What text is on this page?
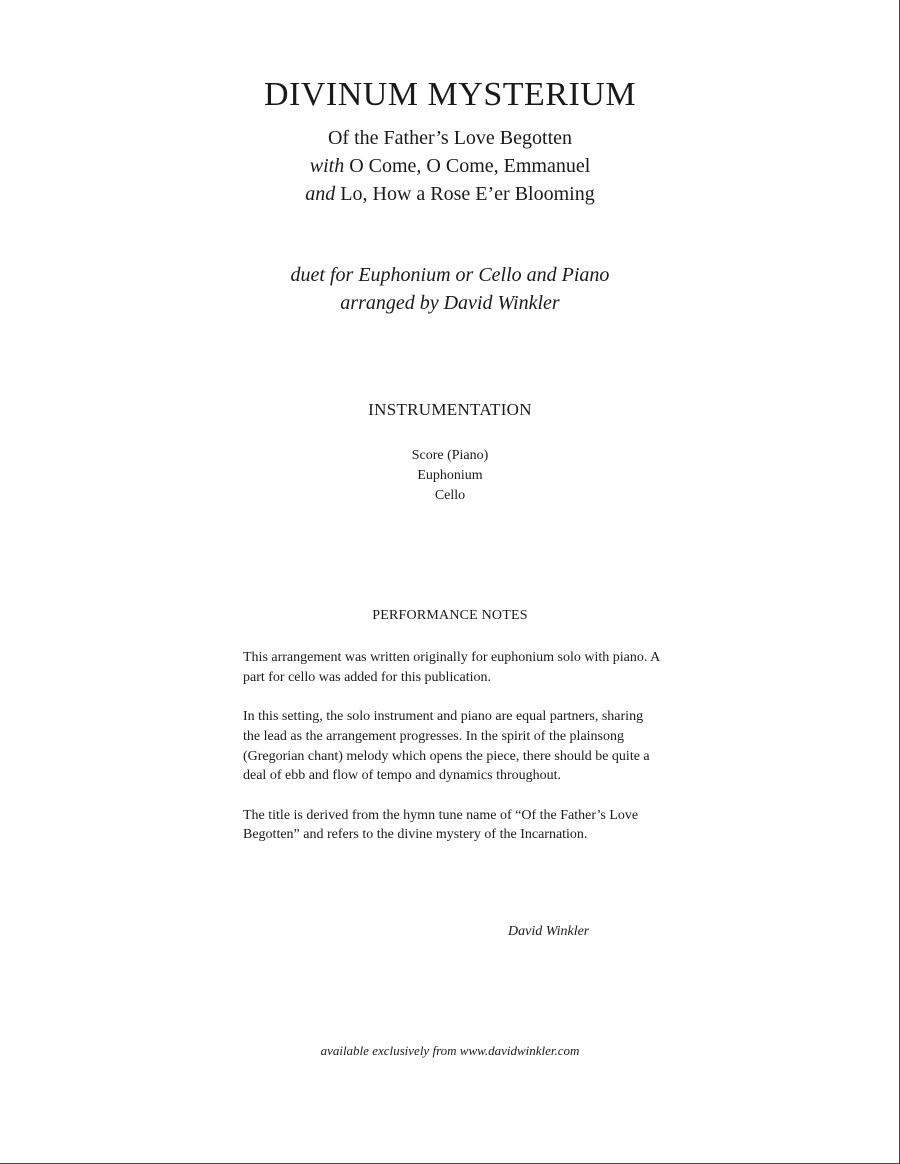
DIVINUM MYSTERIUM
Of the Father’s Love Begotten
with O Come, O Come, Emmanuel
and Lo, How a Rose E’er Blooming
duet for Euphonium or Cello and Piano
arranged by David Winkler
INSTRUMENTATION
Score (Piano)
Euphonium
Cello
PERFORMANCE NOTES

This arrangement was written originally for euphonium solo with piano. A part for cello was added for this publication.

In this setting, the solo instrument and piano are equal partners, sharing the lead as the arrangement progresses. In the spirit of the plainsong (Gregorian chant) melody which opens the piece, there should be quite a deal of ebb and flow of tempo and dynamics throughout.

The title is derived from the hymn tune name of “Of the Father’s Love Begotten” and refers to the divine mystery of the Incarnation.

David Winkler
available exclusively from www.davidwinkler.com
